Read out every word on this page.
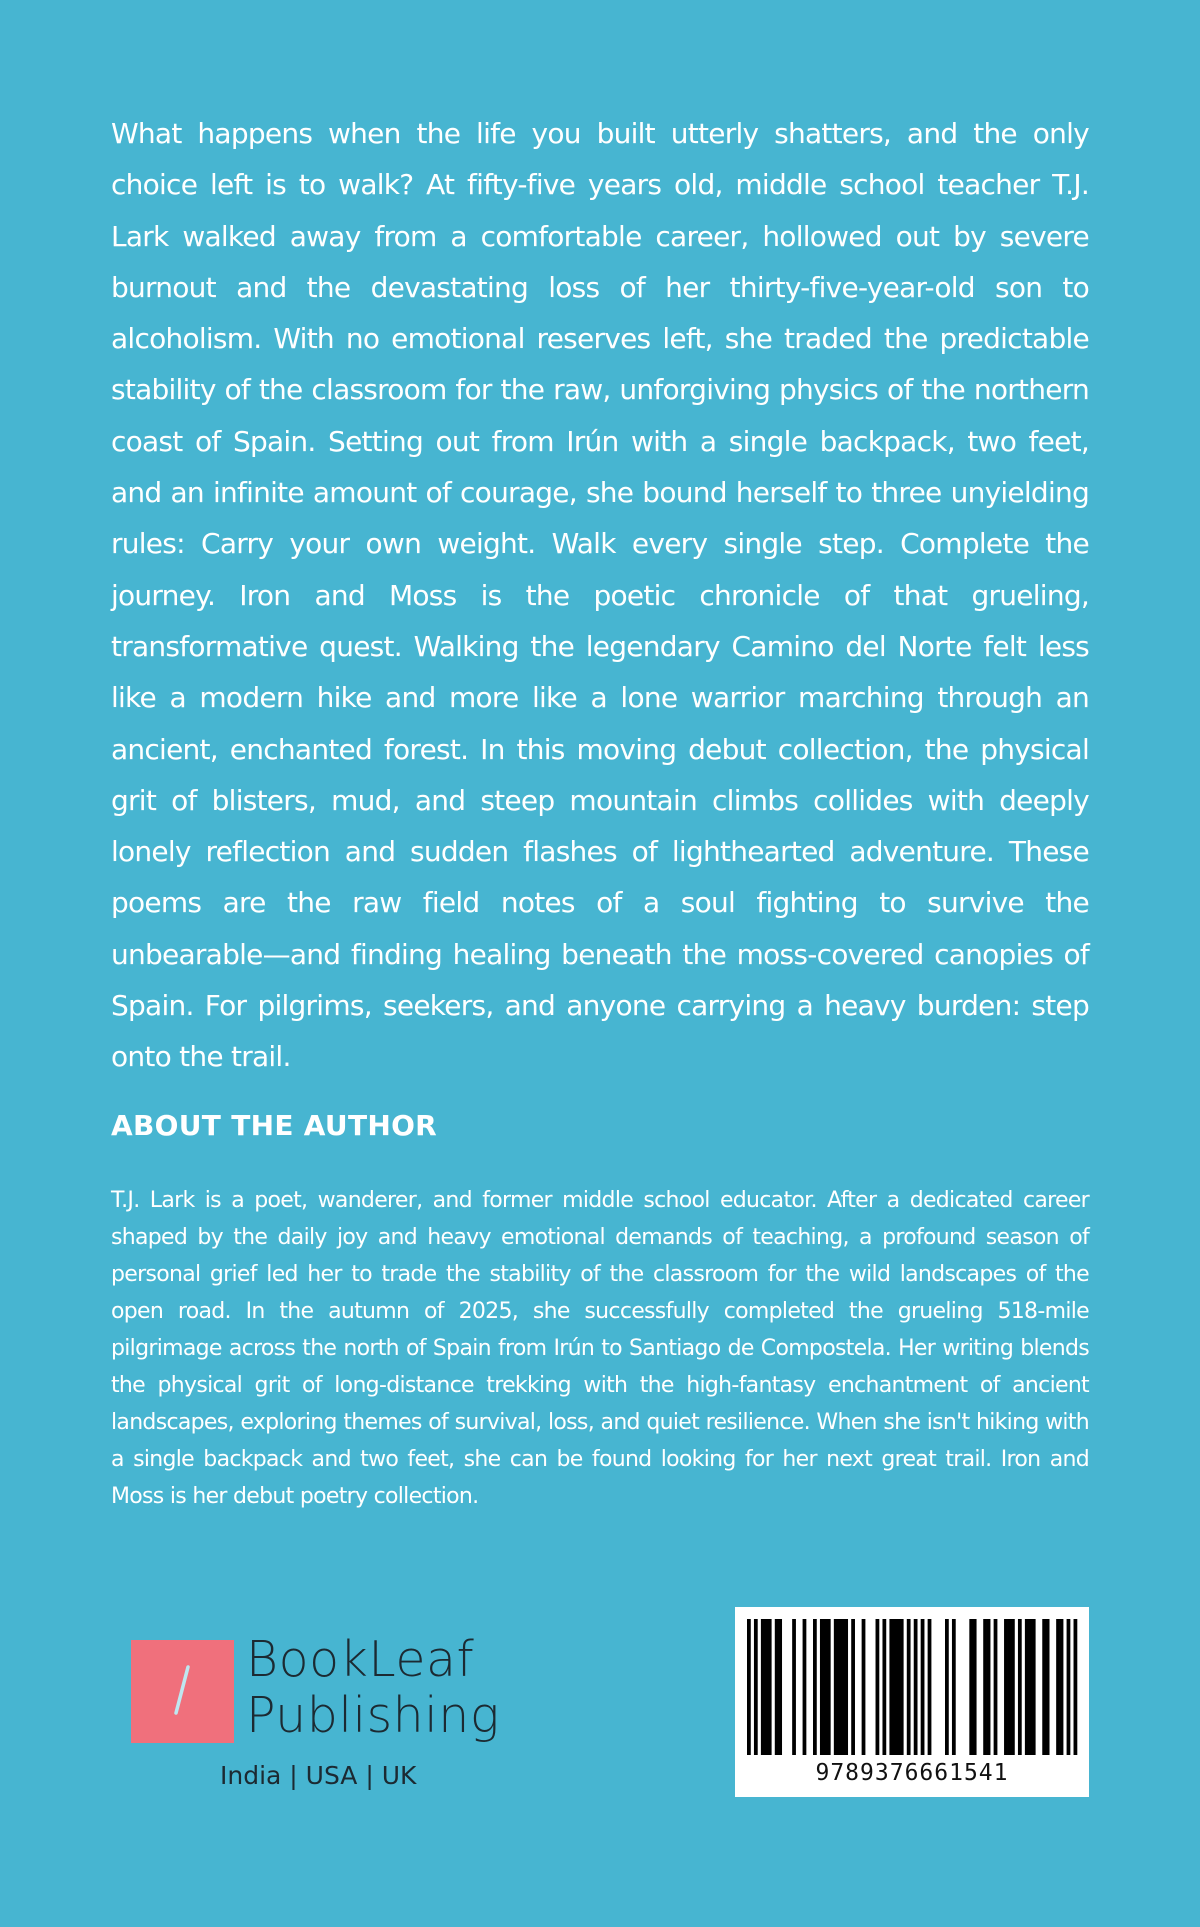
What happens when the life you built utterly shatters, and the only choice left is to walk? At fifty-five years old, middle school teacher T.J. Lark walked away from a comfortable career, hollowed out by severe burnout and the devastating loss of her thirty-five-year-old son to alcoholism. With no emotional reserves left, she traded the predictable stability of the classroom for the raw, unforgiving physics of the northern coast of Spain. Setting out from Irún with a single backpack, two feet, and an infinite amount of courage, she bound herself to three unyielding rules: Carry your own weight. Walk every single step. Complete the journey. Iron and Moss is the poetic chronicle of that grueling, transformative quest. Walking the legendary Camino del Norte felt less like a modern hike and more like a lone warrior marching through an ancient, enchanted forest. In this moving debut collection, the physical grit of blisters, mud, and steep mountain climbs collides with deeply lonely reflection and sudden flashes of lighthearted adventure. These poems are the raw field notes of a soul fighting to survive the unbearable—and finding healing beneath the moss-covered canopies of Spain. For pilgrims, seekers, and anyone carrying a heavy burden: step onto the trail.

ABOUT THE AUTHOR

T.J. Lark is a poet, wanderer, and former middle school educator. After a dedicated career shaped by the daily joy and heavy emotional demands of teaching, a profound season of personal grief led her to trade the stability of the classroom for the wild landscapes of the open road. In the autumn of 2025, she successfully completed the grueling 518-mile pilgrimage across the north of Spain from Irún to Santiago de Compostela. Her writing blends the physical grit of long-distance trekking with the high-fantasy enchantment of ancient landscapes, exploring themes of survival, loss, and quiet resilience. When she isn't hiking with a single backpack and two feet, she can be found looking for her next great trail. Iron and Moss is her debut poetry collection.

BookLeaf
Publishing
India | USA | UK	9789376661541
